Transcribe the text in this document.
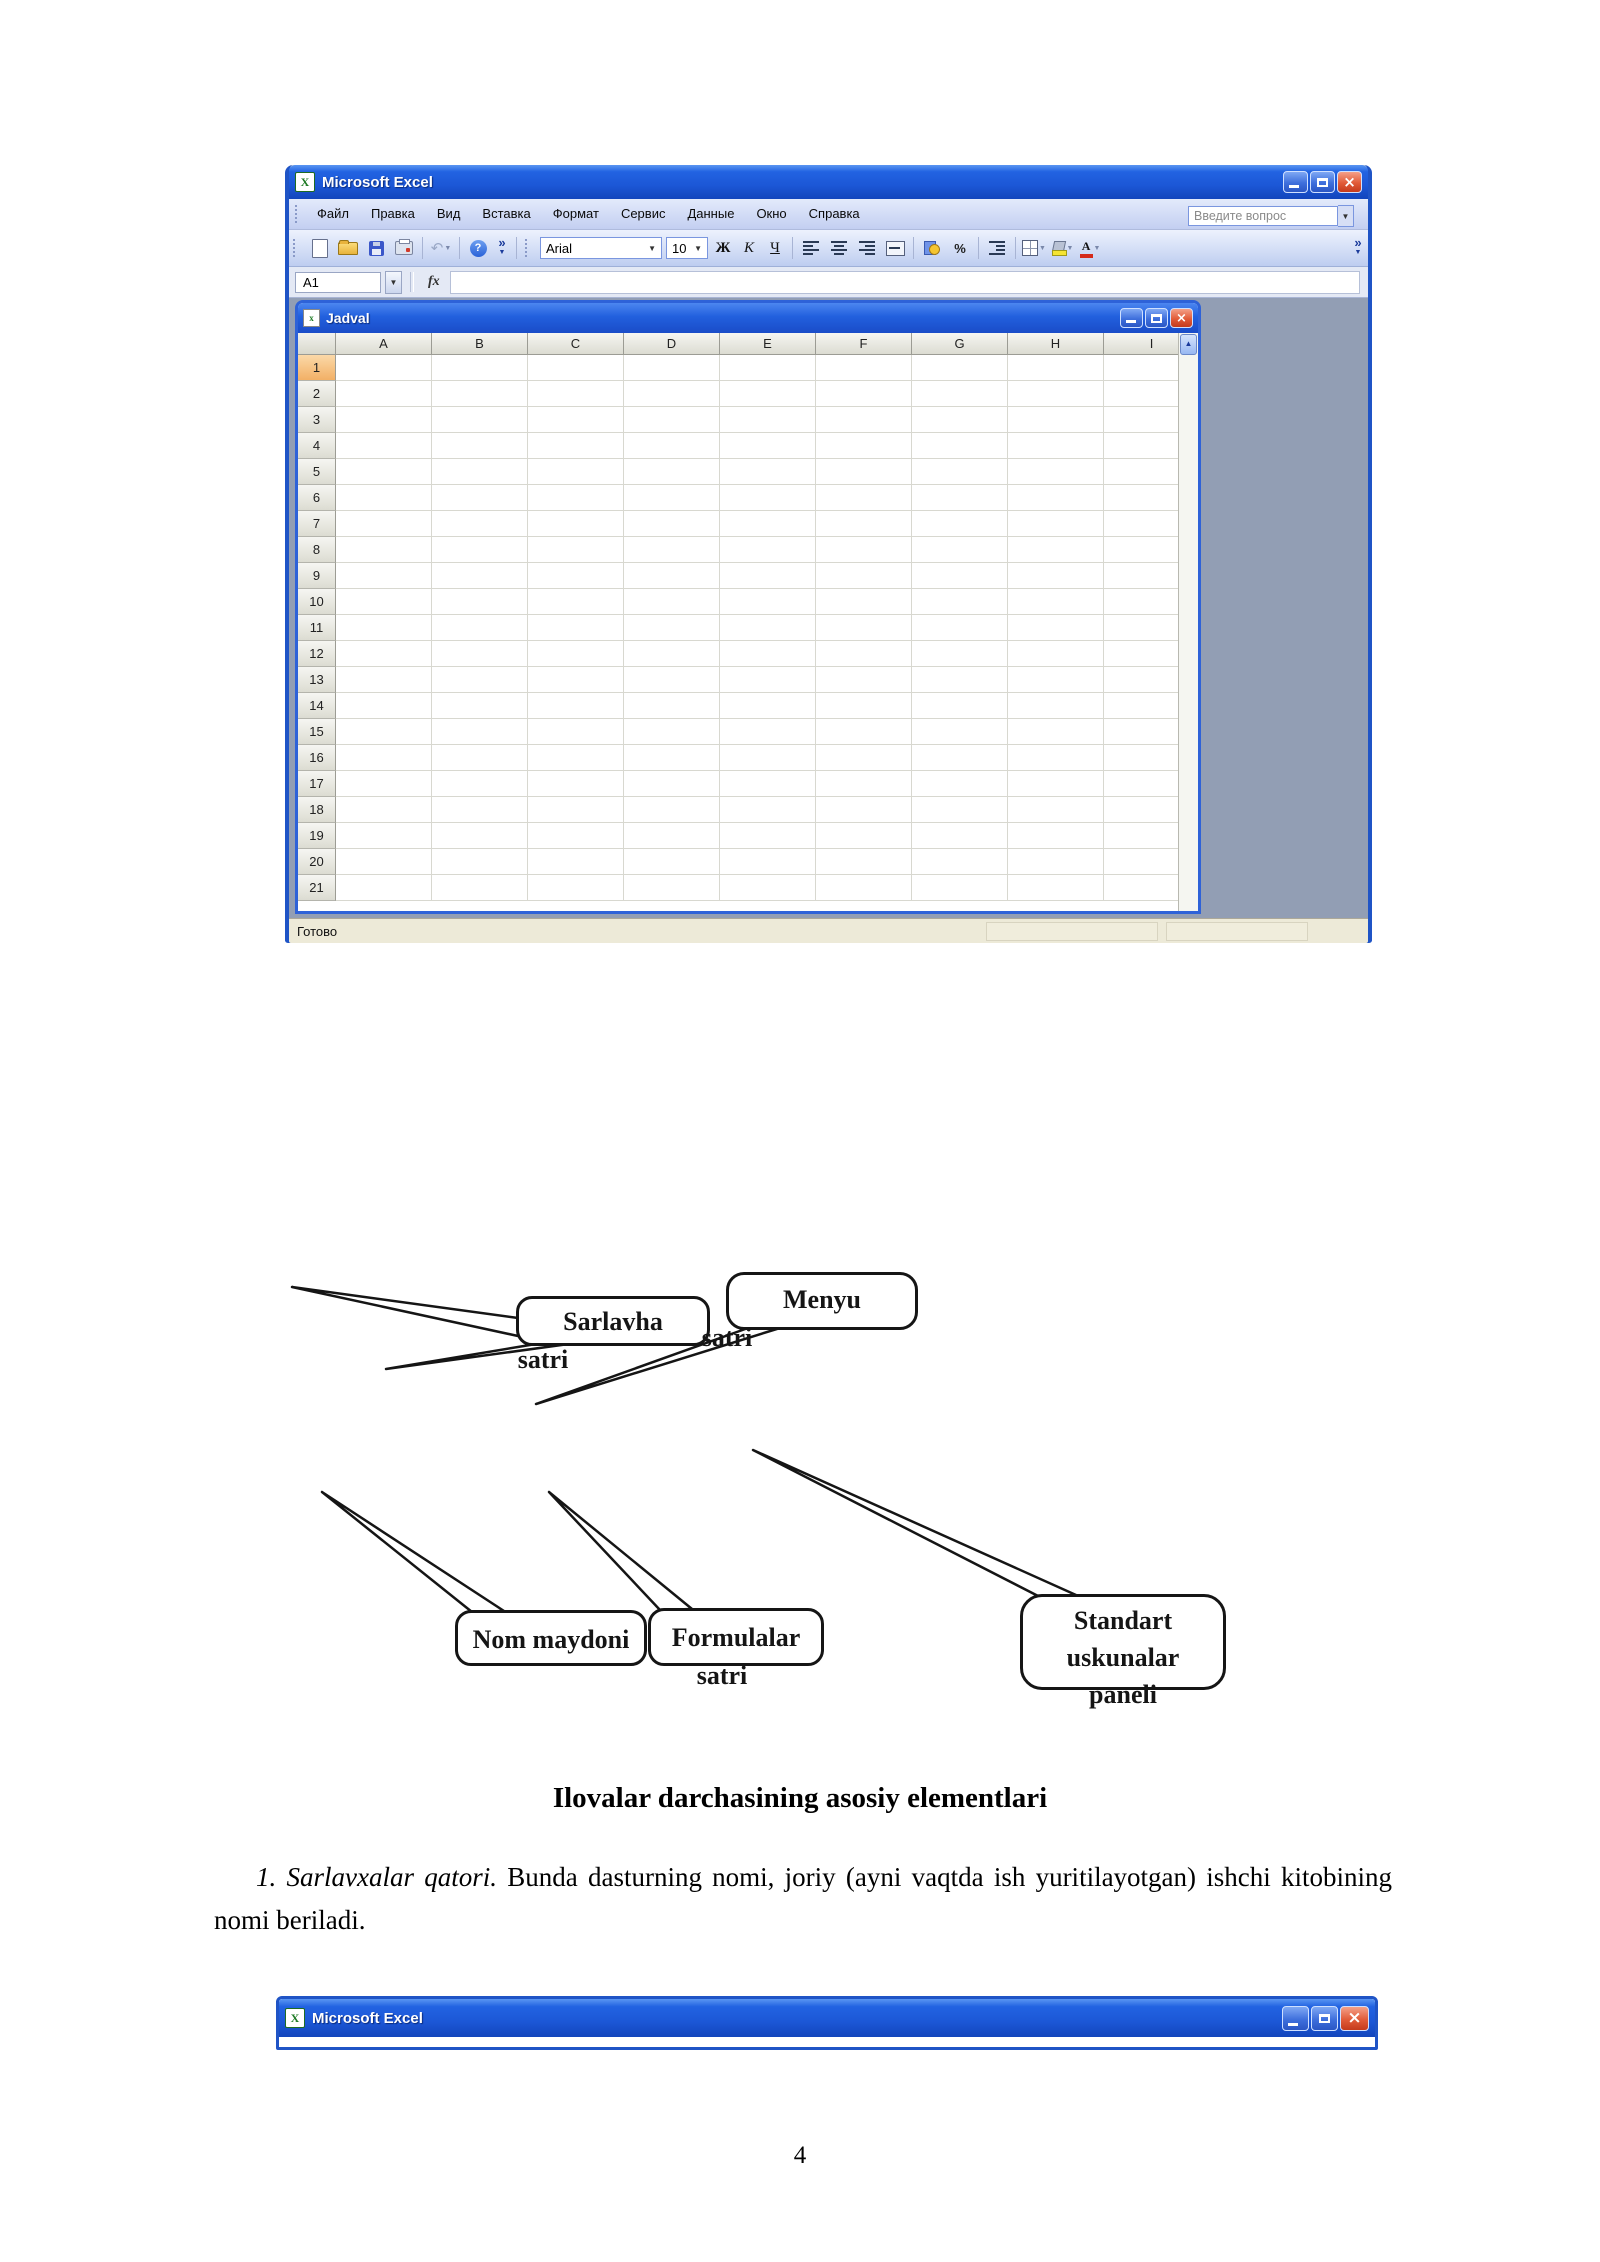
X Microsoft Excel	×
Файл	Правка	Вид	Вставка	Формат	Сервис	Данные	Окно	Справка	Введите вопрос	▼
↶ ▼	?	»
▼	Arial	▼ 10 ▼ Ж К	Ч	%	▼	▼ А ▼	»
▼
A1	▼	fx
x Jadval	×
A	B	C	D	E	F	G	H	I
1
2
3
4
5
6
7
8
9
10
11
12
13
14
15
16
17
18
19
20
21
▲
Готово
Sarlavha
satri
Menyu
satri
Nom maydoni	Formulalar
satri
Standart
uskunalar
paneli
Ilovalar darchasining asosiy elementlari
1. Sarlavxalar qatori. Bunda dasturning nomi, joriy (ayni vaqtda ish yuritilayotgan) ishchi kitobining nomi beriladi.
X Microsoft Excel	×
4
